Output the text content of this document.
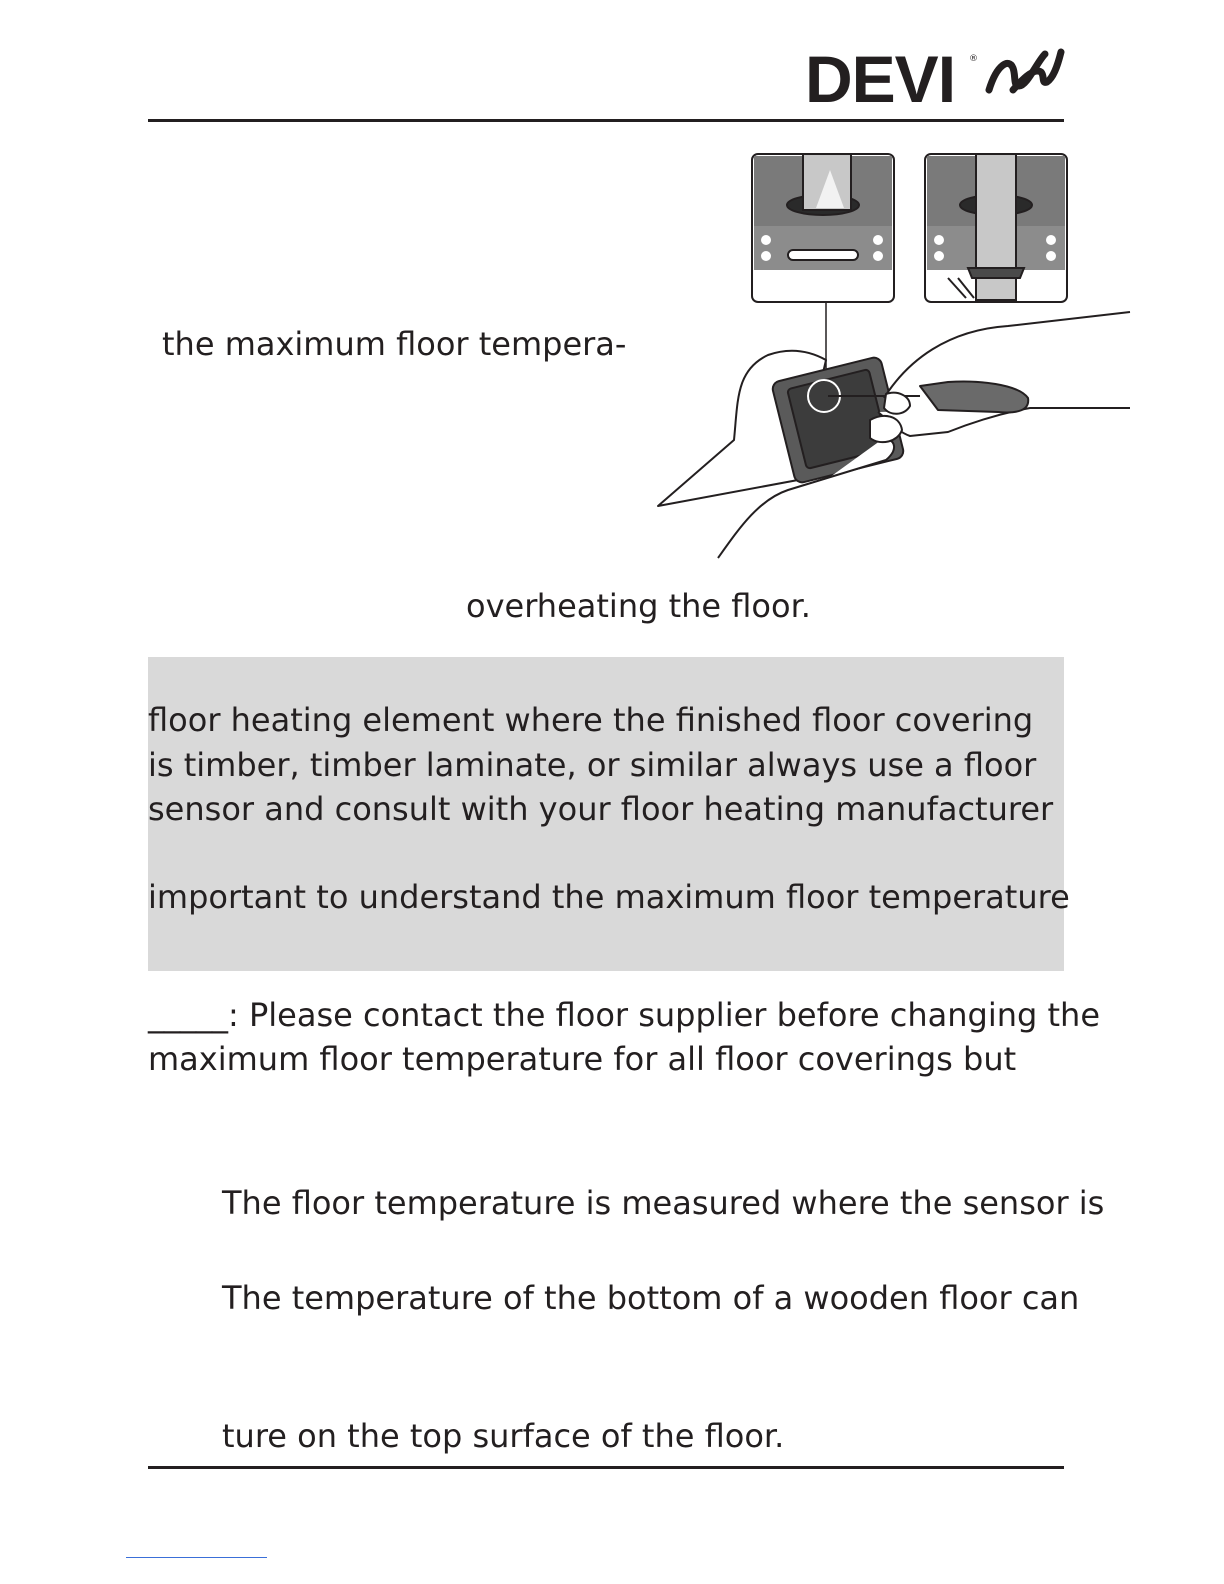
DEVI ®
the maximum floor tempera-
overheating the floor.
floor heating element where the finished floor covering
is timber, timber laminate, or similar always use a floor
sensor and consult with your floor heating manufacturer
important to understand the maximum floor temperature
_____: Please contact the floor supplier before changing the
maximum floor temperature for all floor coverings but
The floor temperature is measured where the sensor is
The temperature of the bottom of a wooden floor can
ture on the top surface of the floor.
